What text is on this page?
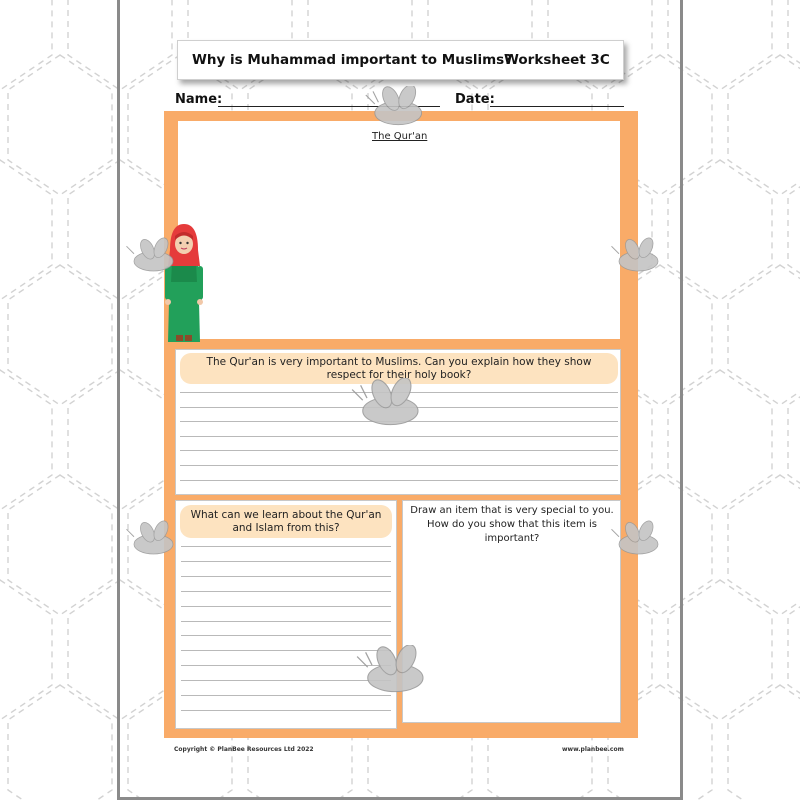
Why is Muhammad important to Muslims?
Worksheet 3C
Name:	Date:
The Qur'an
The Qur'an is very important to Muslims. Can you explain how they show respect for their holy book?
What can we learn about the Qur'an and Islam from this?
Draw an item that is very special to you. How do you show that this item is important?
Copyright © PlanBee Resources Ltd 2022	www.planbee.com
